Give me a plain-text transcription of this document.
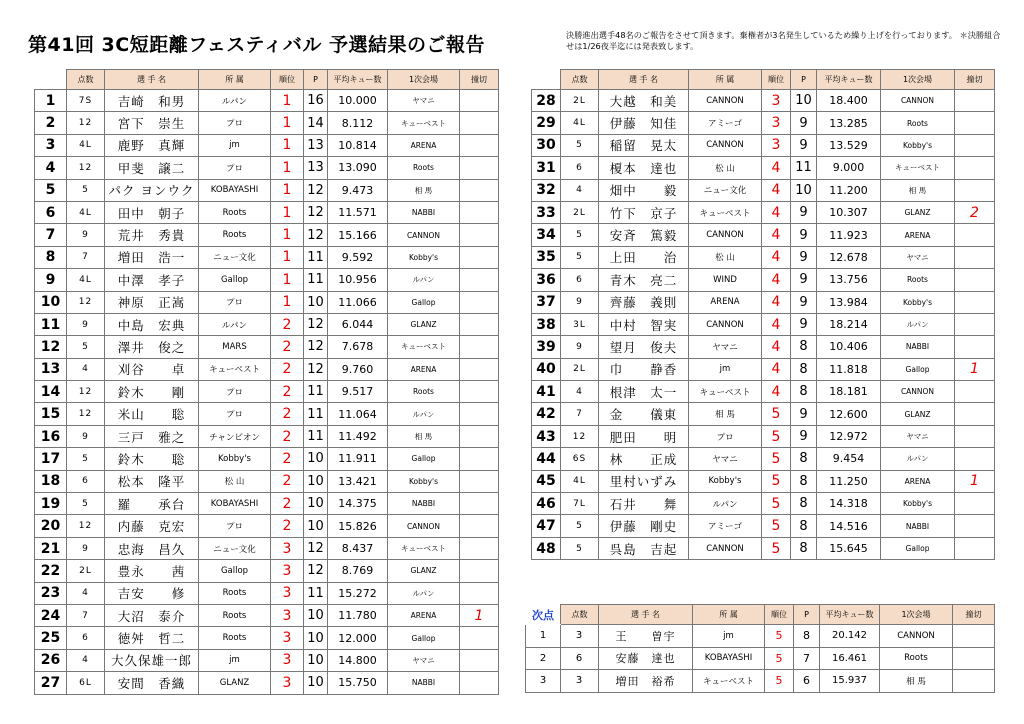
第41回 3C短距離フェスティバル 予選結果のご報告	決勝進出選手48名のご報告をさせて頂きます。棄権者が3名発生しているため繰り上げを行っております。 ＊決勝組合せは1/26夜半迄には発表致します。
	点数	選 手 名	所 属	順位	P	平均キュー数	1次会場	撞切
1	7S	吉崎　和男	ルパン	1	16	10.000	ヤマニ	
2	12	宮下　崇生	プロ	1	14	8.112	キューベスト	
3	4L	鹿野　真輝	jm	1	13	10.814	ARENA	
4	12	甲斐　譲二	プロ	1	13	13.090	Roots	
5	5	パク ヨンウク	KOBAYASHI	1	12	9.473	相 馬	
6	4L	田中　朝子	Roots	1	12	11.571	NABBI	
7	9	荒井　秀貴	Roots	1	12	15.166	CANNON	
8	7	増田　浩一	ニュー文化	1	11	9.592	Kobby's	
9	4L	中澤　孝子	Gallop	1	11	10.956	ルパン	
10	12	神原　正嵩	プロ	1	10	11.066	Gallop	
11	9	中島　宏典	ルパン	2	12	6.044	GLANZ	
12	5	澤井　俊之	MARS	2	12	7.678	キューベスト	
13	4	刈谷　　卓	キューベスト	2	12	9.760	ARENA	
14	12	鈴木　　剛	プロ	2	11	9.517	Roots	
15	12	米山　　聡	プロ	2	11	11.064	ルパン	
16	9	三戸　雅之	チャンピオン	2	11	11.492	相 馬	
17	5	鈴木　　聡	Kobby's	2	10	11.911	Gallop	
18	6	松本　隆平	松 山	2	10	13.421	Kobby's	
19	5	羅　　承台	KOBAYASHI	2	10	14.375	NABBI	
20	12	内藤　克宏	プロ	2	10	15.826	CANNON	
21	9	忠海　昌久	ニュー文化	3	12	8.437	キューベスト	
22	2L	豊永　　茜	Gallop	3	12	8.769	GLANZ	
23	4	吉安　　修	Roots	3	11	15.272	ルパン	
24	7	大沼　泰介	Roots	3	10	11.780	ARENA	1
25	6	徳舛　哲二	Roots	3	10	12.000	Gallop	
26	4	大久保雄一郎	jm	3	10	14.800	ヤマニ	
27	6L	安間　香織	GLANZ	3	10	15.750	NABBI	
	点数	選 手 名	所 属	順位	P	平均キュー数	1次会場	撞切
28	2L	大越　和美	CANNON	3	10	18.400	CANNON	
29	4L	伊藤　知佳	アミーゴ	3	9	13.285	Roots	
30	5	稲留　晃太	CANNON	3	9	13.529	Kobby's	
31	6	榎本　達也	松 山	4	11	9.000	キューベスト	
32	4	畑中　　毅	ニュー文化	4	10	11.200	相 馬	
33	2L	竹下　京子	キューベスト	4	9	10.307	GLANZ	2
34	5	安斉　篤毅	CANNON	4	9	11.923	ARENA	
35	5	上田　　治	松 山	4	9	12.678	ヤマニ	
36	6	青木　亮二	WIND	4	9	13.756	Roots	
37	9	齊藤　義則	ARENA	4	9	13.984	Kobby's	
38	3L	中村　智実	CANNON	4	9	18.214	ルパン	
39	9	望月　俊夫	ヤマニ	4	8	10.406	NABBI	
40	2L	巾　　静香	jm	4	8	11.818	Gallop	1
41	4	根津　太一	キューベスト	4	8	18.181	CANNON	
42	7	金　　儀東	相 馬	5	9	12.600	GLANZ	
43	12	肥田　　明	プロ	5	9	12.972	ヤマニ	
44	6S	林　　正成	ヤマニ	5	8	9.454	ルパン	
45	4L	里村いずみ	Kobby's	5	8	11.250	ARENA	1
46	7L	石井　　舞	ルパン	5	8	14.318	Kobby's	
47	5	伊藤　剛史	アミーゴ	5	8	14.516	NABBI	
48	5	呉島　吉起	CANNON	5	8	15.645	Gallop	
次点	点数	選 手 名	所 属	順位	P	平均キュー数	1次会場	撞切
1	3	王　　曽宇	jm	5	8	20.142	CANNON	
2	6	安藤　達也	KOBAYASHI	5	7	16.461	Roots	
3	3	増田　裕希	キューベスト	5	6	15.937	相 馬	
